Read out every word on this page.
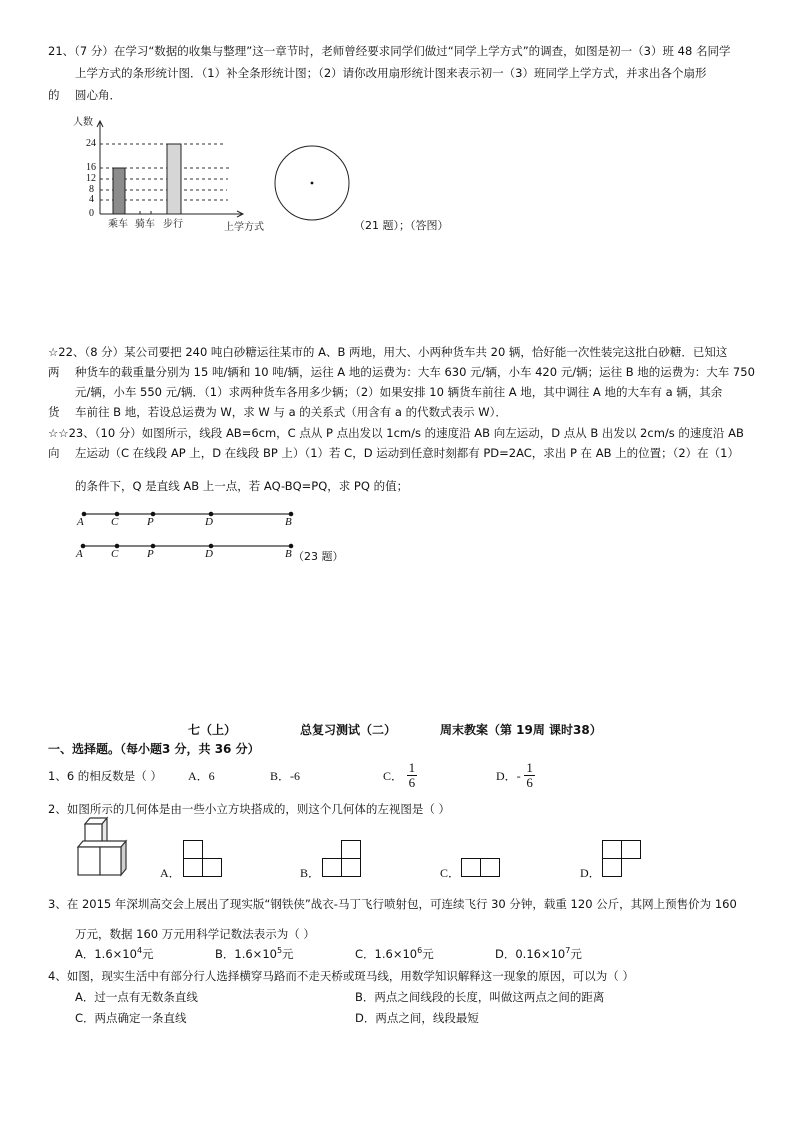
21、（7 分）在学习“数据的收集与整理”这一章节时，老师曾经要求同学们做过“同学上学方式”的调查，如图是初一（3）班 48 名同学
上学方式的条形统计图．（1）补全条形统计图；（2）请你改用扇形统计图来表示初一（3）班同学上学方式，并求出各个扇形
的 圆心角．
人数
24
16
12
8
4
0
乘车 骑车 步行	上学方式	（21 题）；（答图）
☆22、（8 分）某公司要把 240 吨白砂糖运往某市的 A、B 两地，用大、小两种货车共 20 辆，恰好能一次性装完这批白砂糖．已知这
两 种货车的载重量分别为 15 吨/辆和 10 吨/辆，运往 A 地的运费为：大车 630 元/辆，小车 420 元/辆；运往 B 地的运费为：大车 750
元/辆，小车 550 元/辆．（1）求两种货车各用多少辆；（2）如果安排 10 辆货车前往 A 地，其中调往 A 地的大车有 a 辆，其余
货 车前往 B 地，若设总运费为 W，求 W 与 a 的关系式（用含有 a 的代数式表示 W）．
☆☆23、（10 分）如图所示，线段 AB=6cm，C 点从 P 点出发以 1cm/s 的速度沿 AB 向左运动，D 点从 B 出发以 2cm/s 的速度沿 AB
向 左运动（C 在线段 AP 上，D 在线段 BP 上）（1）若 C，D 运动到任意时刻都有 PD=2AC，求出 P 在 AB 上的位置；（2）在（1）
的条件下，Q 是直线 AB 上一点，若 AQ-BQ=PQ，求 PQ 的值；
A C	P	D	B
A	C	P	D	B （23 题）
七（上）	总复习测试（二）	周末教案（第 19周 课时38）
一、选择题。（每小题3 分，共 36 分）
1、6 的相反数是（ ） A．6	B．-6	C． $\frac{1}{6}$	D．- $\frac{1}{6}$
2、如图所示的几何体是由一些小立方块搭成的，则这个几何体的左视图是（ ）
A．	B．	C．	D．
3、在 2015 年深圳高交会上展出了现实版“钢铁侠”战衣-马丁飞行喷射包，可连续飞行 30 分钟，载重 120 公斤，其网上预售价为 160
万元，数据 160 万元用科学记数法表示为（ ）
A．$1.6\times 10^4$元	B．$1.6\times 10^5$元	C．$1.6\times 10^6$元	D．$0.16\times 10^7$元
4、如图，现实生活中有部分行人选择横穿马路而不走天桥或斑马线，用数学知识解释这一现象的原因，可以为（ ）
A．过一点有无数条直线	B．两点之间线段的长度，叫做这两点之间的距离
C．两点确定一条直线	D．两点之间，线段最短
